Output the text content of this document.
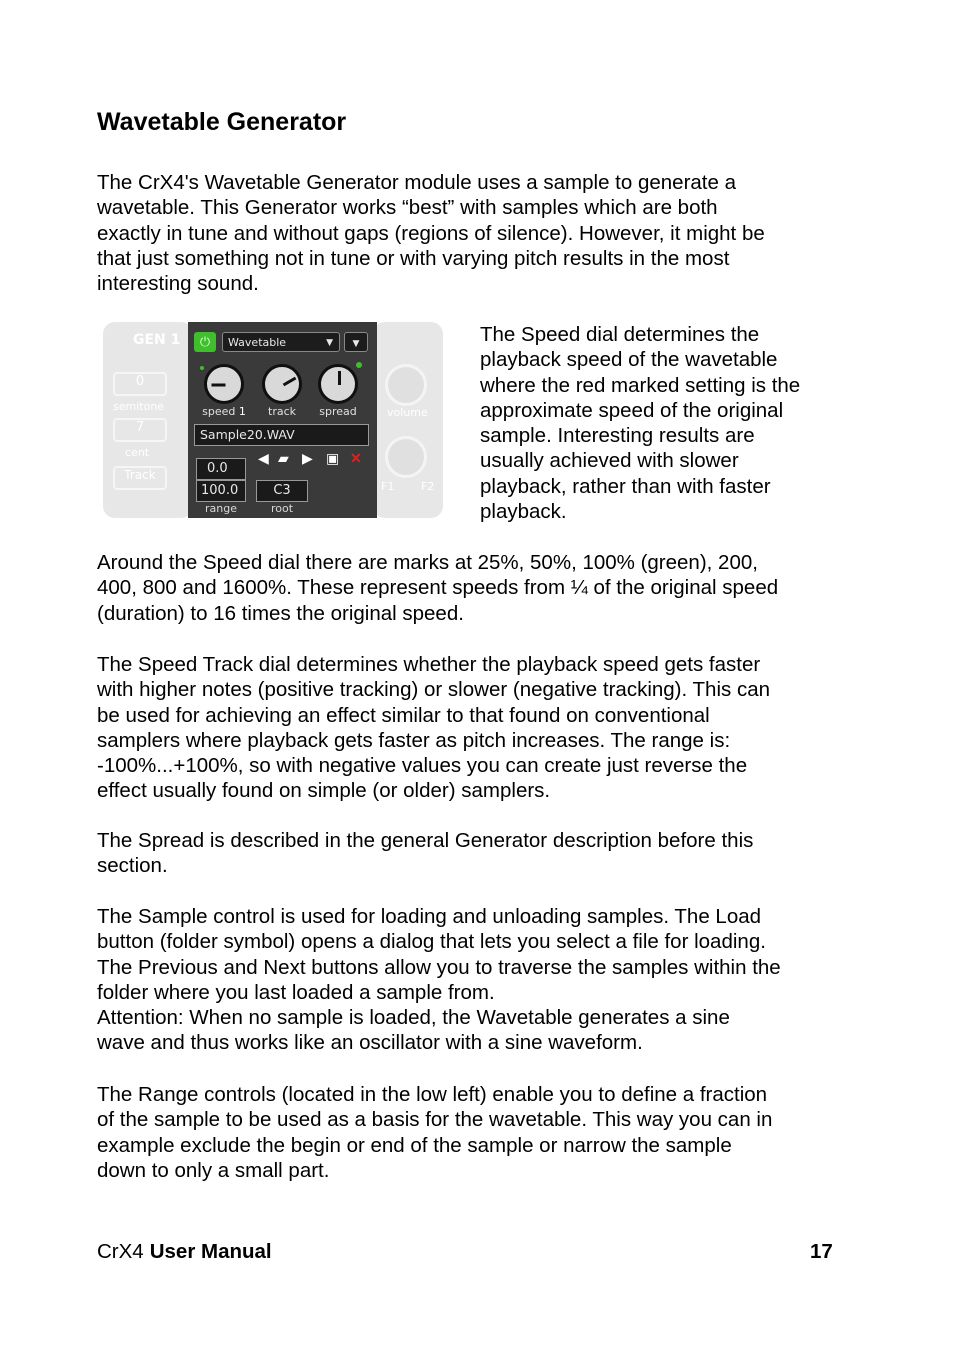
Wavetable Generator

The CrX4's Wavetable Generator module uses a sample to generate a
wavetable. This Generator works “best” with samples which are both
exactly in tune and without gaps (regions of silence). However, it might be
that just something not in tune or with varying pitch results in the most
interesting sound.

GEN 1
0
semitone
7
cent
Track
volume
F1 F2
⏻	Wavetable	▼	▼
speed 1	track	spread
Sample20.WAV
◀ ▰ ▶ ▣ ✕
0.0
100.0	C3
range	root

The Speed dial determines the
playback speed of the wavetable
where the red marked setting is the
approximate speed of the original
sample. Interesting results are
usually achieved with slower
playback, rather than with faster
playback.

Around the Speed dial there are marks at 25%, 50%, 100% (green), 200,
400, 800 and 1600%. These represent speeds from ¼ of the original speed
(duration) to 16 times the original speed.

The Speed Track dial determines whether the playback speed gets faster
with higher notes (positive tracking) or slower (negative tracking). This can
be used for achieving an effect similar to that found on conventional
samplers where playback gets faster as pitch increases. The range is:
-100%...+100%, so with negative values you can create just reverse the
effect usually found on simple (or older) samplers.

The Spread is described in the general Generator description before this
section.

The Sample control is used for loading and unloading samples. The Load
button (folder symbol) opens a dialog that lets you select a file for loading.
The Previous and Next buttons allow you to traverse the samples within the
folder where you last loaded a sample from.
Attention: When no sample is loaded, the Wavetable generates a sine
wave and thus works like an oscillator with a sine waveform.

The Range controls (located in the low left) enable you to define a fraction
of the sample to be used as a basis for the wavetable. This way you can in
example exclude the begin or end of the sample or narrow the sample
down to only a small part.

CrX4 User Manual	17
